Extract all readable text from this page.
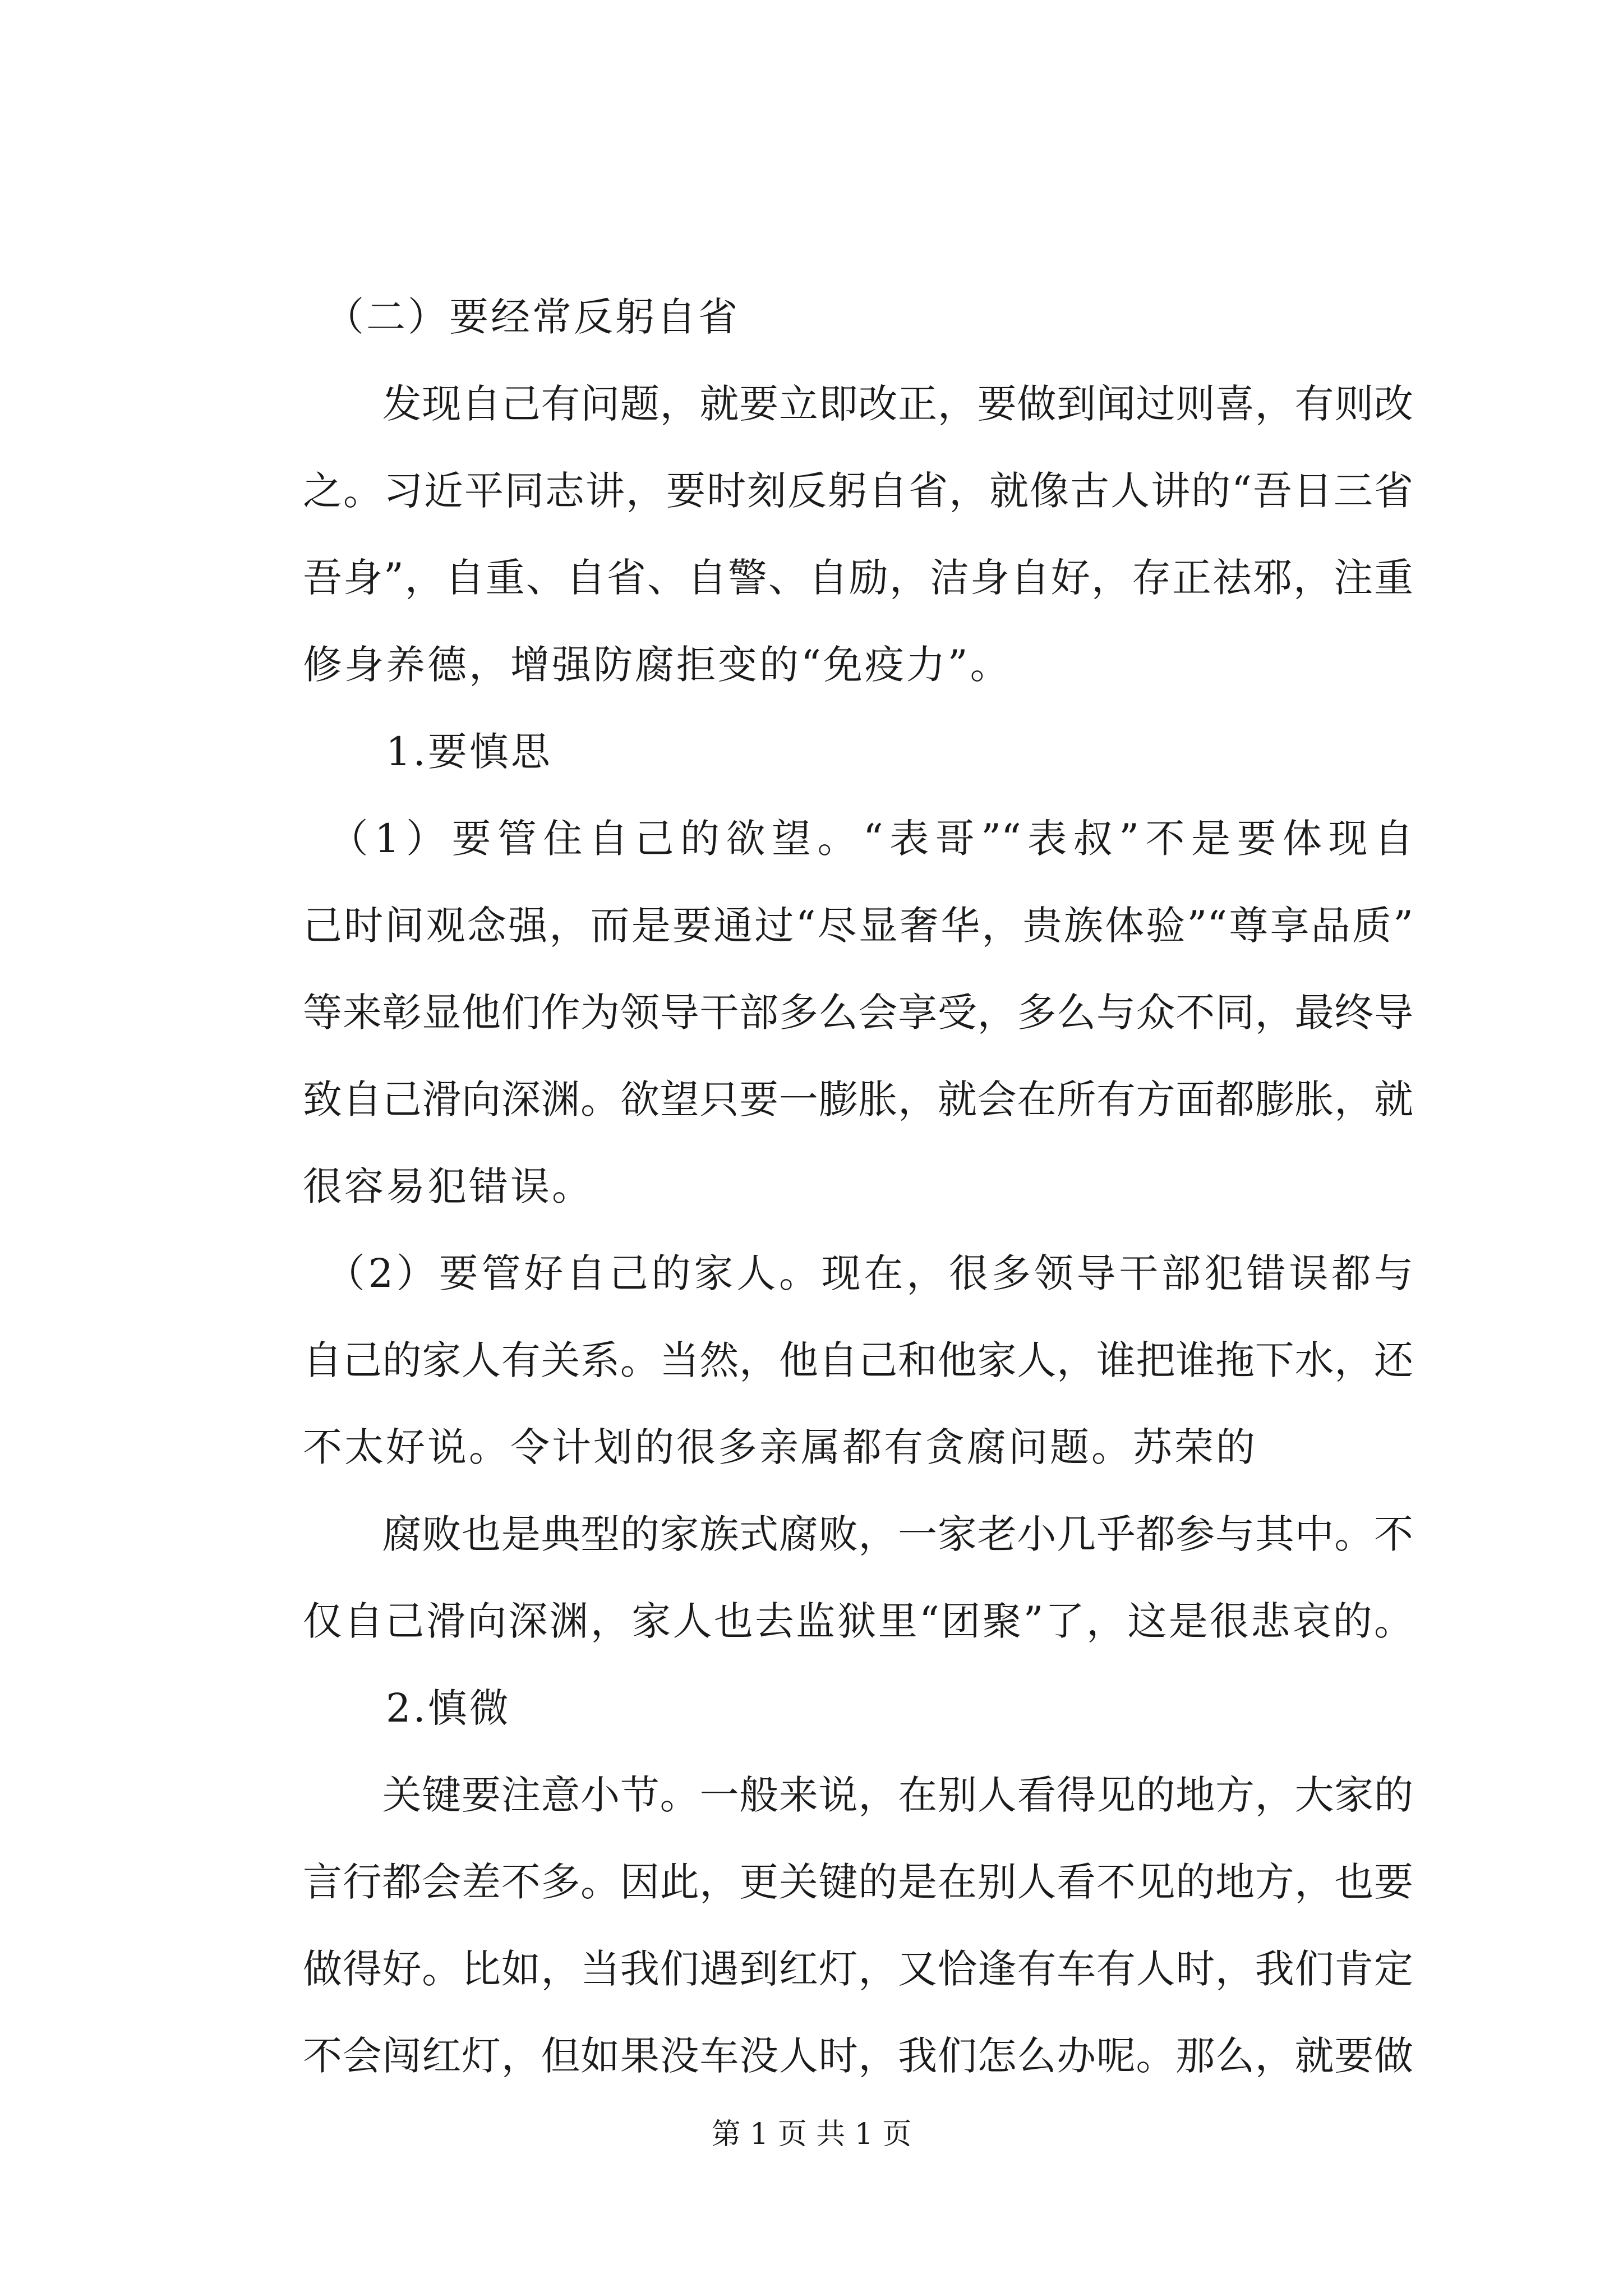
　（二）要经常反躬自省
　　发现自己有问题，就要立即改正，要做到闻过则喜，有则改
之。习近平同志讲，要时刻反躬自省，就像古人讲的“吾日三省
吾身”，自重、自省、自警、自励，洁身自好，存正祛邪，注重
修身养德，增强防腐拒变的“免疫力”。
　　1.要慎思
　（1）要管住自己的欲望。“表哥”“表叔”不是要体现自
己时间观念强，而是要通过“尽显奢华，贵族体验”“尊享品质”
等来彰显他们作为领导干部多么会享受，多么与众不同，最终导
致自己滑向深渊。欲望只要一膨胀，就会在所有方面都膨胀，就
很容易犯错误。
　（2）要管好自己的家人。现在，很多领导干部犯错误都与
自己的家人有关系。当然，他自己和他家人，谁把谁拖下水，还
不太好说。令计划的很多亲属都有贪腐问题。苏荣的
　　腐败也是典型的家族式腐败，一家老小几乎都参与其中。不
仅自己滑向深渊，家人也去监狱里“团聚”了，这是很悲哀的。
　　2.慎微
　　关键要注意小节。一般来说，在别人看得见的地方，大家的
言行都会差不多。因此，更关键的是在别人看不见的地方，也要
做得好。比如，当我们遇到红灯，又恰逢有车有人时，我们肯定
不会闯红灯，但如果没车没人时，我们怎么办呢。那么，就要做
第 1 页 共 1 页
